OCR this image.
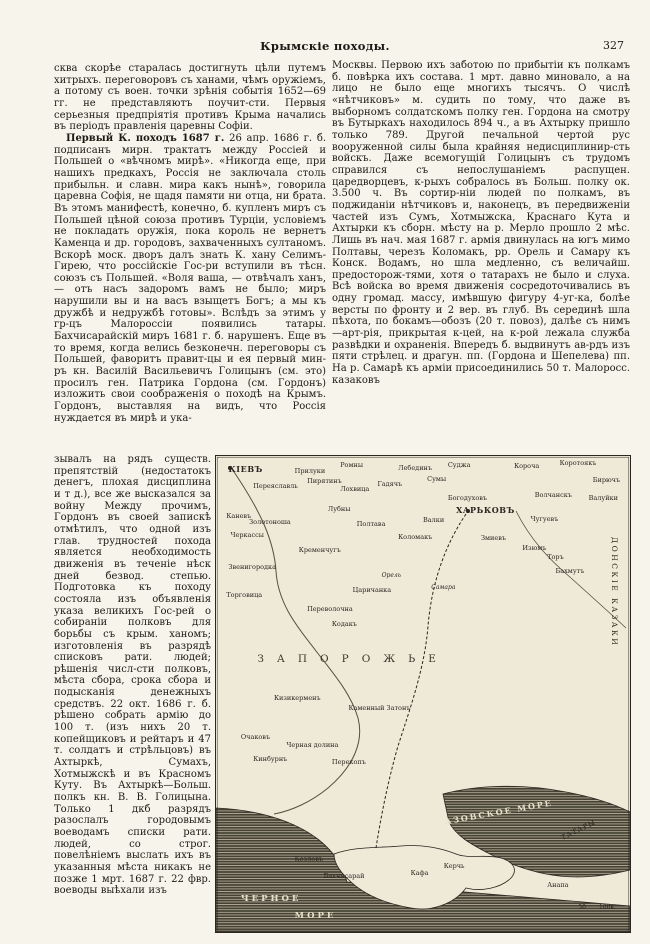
Крымскіе походы.	327

сква скорѣе старалась достигнуть цѣли путемъ хитрыхъ. переговоровъ съ ханами, чѣмъ оружіемъ, а потому съ воен. точки зрѣнія событія 1652—69 гг. не представляютъ поучит-сти. Первыя серьезныя предпріятія противъ Крыма начались въ періодъ правленія царевны Софіи.

Первый К. походъ 1687 г. 26 апр. 1686 г. б. подписанъ мирн. трактатъ между Россіей и Польшей о «вѣчномъ мирѣ». «Никогда еще, при нашихъ предкахъ, Россія не заключала столь прибыльн. и славн. мира какъ нынѣ», говорила царевна Софія, не щадя памяти ни отца, ни брата. Въ этомъ манифестѣ, конечно, б. купленъ миръ съ Польшей цѣной союза противъ Турціи, условіемъ не покладать оружія, пока король не вернетъ Каменца и др. городовъ, захваченныхъ султаномъ. Вскорѣ моск. дворъ далъ знать К. хану Селимъ-Гирею, что россійскіе Гос-ри вступили въ тѣсн. союзъ съ Польшей. «Воля ваша, — отвѣчалъ ханъ, — отъ насъ задоромъ вамъ не было; миръ нарушили вы и на васъ взыщетъ Богъ; а мы къ дружбѣ и недружбѣ готовы». Вслѣдъ за этимъ у гр-цъ Малороссіи появились татары. Бахчисарайскій миръ 1681 г. б. нарушенъ. Еще въ то время, когда велись безконечн. переговоры съ Польшей, фаворитъ правит-цы и ея первый мин-ръ кн. Василій Васильевичъ Голицынъ (см. это) просилъ ген. Патрика Гордона (см. Гордонъ) изложить свои соображенія о походѣ на Крымъ. Гордонъ, выставляя на видъ, что Россія нуждается въ мирѣ и ука-

Москвы. Первою ихъ заботою по прибытіи къ полкамъ б. повѣрка ихъ состава. 1 мрт. давно миновало, а на лицо не было еще многихъ тысячъ. О числѣ «нѣтчиковъ» м. судить по тому, что даже въ выборномъ солдатскомъ полку ген. Гордона на смотру въ Бутыркахъ находилось 894 ч., а въ Ахтырку пришло только 789. Другой печальной чертой рус вооруженной силы была крайняя недисциплинир-сть войскъ. Даже всемогущій Голицынъ съ трудомъ справился съ непослушаніемъ распущен. царедворцевъ, к-рыхъ собралось въ Больш. полку ок. 3.500 ч. Въ сортир-ніи людей по полкамъ, въ поджиданіи нѣтчиковъ и, наконецъ, въ передвиженіи частей изъ Сумъ, Хотмыжска, Краснаго Кута и Ахтырки къ сборн. мѣсту на р. Мерло прошло 2 мѣс. Лишь въ нач. мая 1687 г. армія двинулась на югъ мимо Полтавы, черезъ Коломакъ, рр. Орель и Самару къ Конск. Водамъ, но шла медленно, съ величайш. предосторож-тями, хотя о татарахъ не было и слуха. Всѣ войска во время движенія сосредоточивались въ одну громад. массу, имѣвшую фигуру 4-уг-ка, болѣе версты по фронту и 2 вер. въ глуб. Въ серединѣ шла пѣхота, по бокамъ—обозъ (20 т. повоз), далѣе съ нимъ—арт-рія, прикрытая к-цей, на к-рой лежала служба развѣдки и охраненія. Впередъ б. выдвинутъ ав-рдъ изъ пяти стрѣлец. и драгун. пп. (Гордона и Шепелева) пп. На р. Самарѣ къ арміи присоединились 50 т. Малоросс. казаковъ

зывалъ на рядъ существ. препятствій (недостатокъ денегъ, плохая дисциплина и т д.), все же высказался за войну Между прочимъ, Гордонъ въ своей запискѣ отмѣтилъ, что одной изъ глав. трудностей похода является необходимость движенія въ теченіе нѣск дней безвод. степью. Подготовка къ походу состояла изъ объявленія указа великихъ Гос-рей о собираніи полковъ для борьбы съ крым. ханомъ; изготовленія въ разрядѣ списковъ рати. людей; рѣшенія числ-сти полковъ, мѣста сбора, срока сбора и подысканія денежныхъ средствъ. 22 окт. 1686 г. б. рѣшено собрать армію до 100 т. (изъ нихъ 20 т. копейщиковъ и рейтаръ и 47 т. солдатъ и стрѣльцовъ) въ Ахтыркѣ, Сумахъ, Хотмыжскѣ и въ Красномъ Куту. Въ Ахтыркѣ—Больш. полкъ кн. В. В. Голицына. Только 1 дкб разрядъ разослалъ городовымъ воеводамъ списки рати. людей, со строг. повелѣніемъ выслать ихъ въ указанныя мѣста никакъ не позже 1 мрт. 1687 г. 22 фвр. воеводы выѣхали изъ

КІЕВЪ	Прилуки
Ромны	Лебединъ Суджа	Короча	Коротоякъ
Бирючъ
Переяславль
Пирятинъ
Лохвица
Гадячъ
Сумы
Богодуховъ	Волчанскъ	Валуйки
Каневъ
Золотоноша
Лубны
Полтава	Валки
ХАРЬКОВЪ
Чугуевъ
Черкассы	Коломакъ	Змиевъ
Изюмъ
Кременчугъ
Торъ
Бахмутъ
Звенигородка
Торговица
Царичанка
Переволочна
Орель
Самара
Кодакъ
ЗАПОРОЖЬЕ
Каменный Затонъ
Кизикерменъ
Очаковъ
Кинбурнъ
Черная долина
Перекопъ
АЗОВСКОЕ МОРЕ
ТАТАРЫ
Козловъ
Бахчисарай	Кафа
Керчь
Анапа
ЧЕРНОЕ
МОРЕ
ДОНСКІЕ КАЗАКИ
50 100в.
